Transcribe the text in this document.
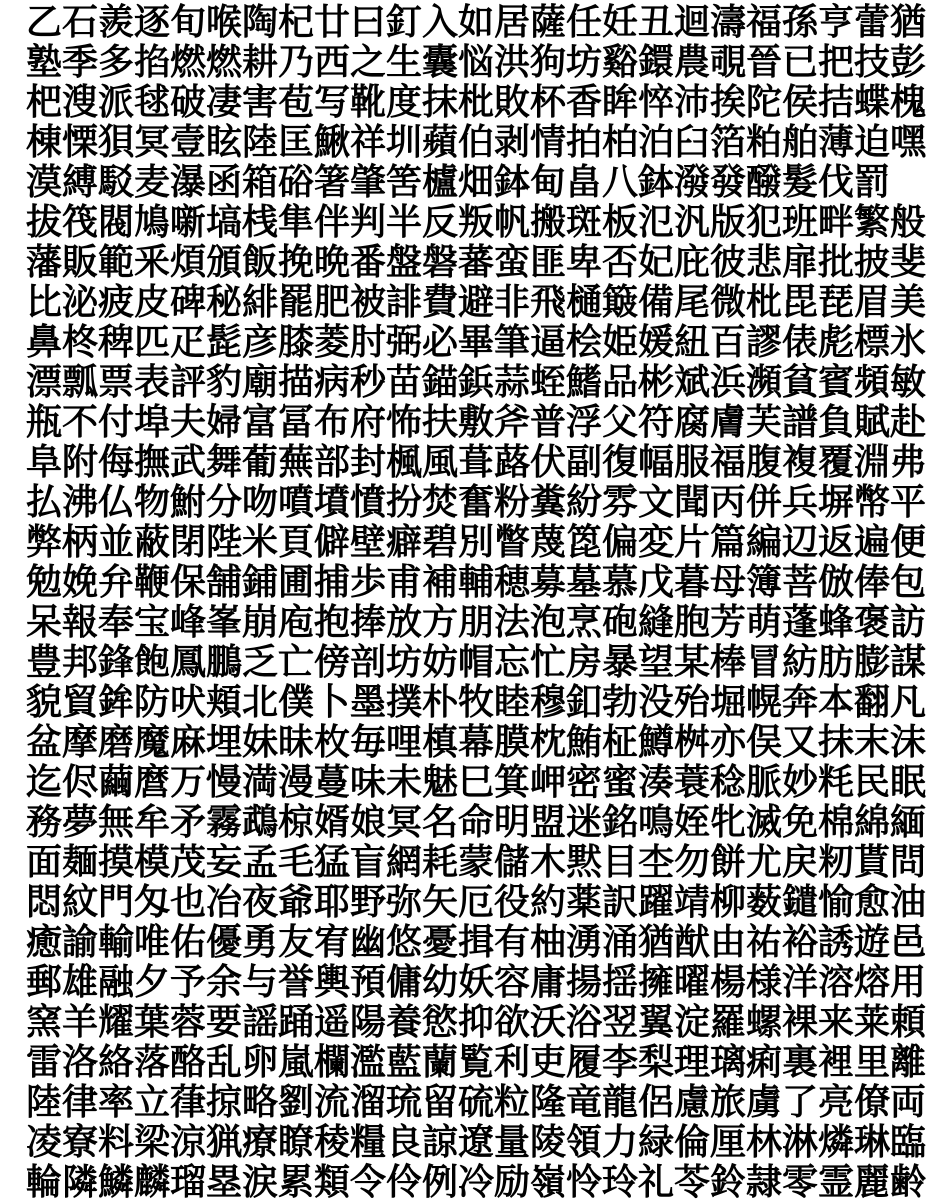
乙 石 羨 逐 旬 喉 陶 杞 廿 曰 釘 入 如 居 薩 任 妊 丑 迴 濤 福 孫 亨 蕾 猶
塾 季 多 掐 燃 燃 耕 乃 西 之 生 囊 悩 洪 狗 坊 谿 鐶 農 覗 晉 已 把 技 彭
杷 溲 派 毬 破 凄 害 苞 写 靴 度 抹 枇 敗 杯 香 眸 悴 沛 挨 陀 侯 拮 蝶 槐
棟 慄 狽 冥 壹 眩 陸 匡 鰍 祥 圳 蘋 伯 剥 情 拍 柏 泊 臼 箔 粕 舶 薄 迫 嘿
漠 縛 駁 麦 瀑 函 箱 硲 箸 肇 筈 櫨 畑 鉢 甸 畠 八 鉢 潑 發 醱 髮 伐 罰
拔 筏 閥 鳩 噺 塙 桟 隼 伴 判 半 反 叛 帆 搬 斑 板 氾 汎 版 犯 班 畔 繁 般
藩 販 範 釆 煩 頒 飯 挽 晩 番 盤 磐 蕃 蛮 匪 卑 否 妃 庇 彼 悲 扉 批 披 斐
比 泌 疲 皮 碑 秘 緋 罷 肥 被 誹 費 避 非 飛 樋 簸 備 尾 微 枇 毘 琵 眉 美
鼻 柊 稗 匹 疋 髭 彦 膝 菱 肘 弼 必 畢 筆 逼 桧 姫 媛 紐 百 謬 俵 彪 標 氷
漂 瓢 票 表 評 豹 廟 描 病 秒 苗 錨 鋲 蒜 蛭 鰭 品 彬 斌 浜 瀕 貧 賓 頻 敏
瓶 不 付 埠 夫 婦 富 冨 布 府 怖 扶 敷 斧 普 浮 父 符 腐 膚 芙 譜 負 賦 赴
阜 附 侮 撫 武 舞 葡 蕪 部 封 楓 風 葺 蕗 伏 副 復 幅 服 福 腹 複 覆 淵 弗
払 沸 仏 物 鮒 分 吻 噴 墳 憤 扮 焚 奮 粉 糞 紛 雰 文 聞 丙 併 兵 塀 幣 平
弊 柄 並 蔽 閉 陛 米 頁 僻 壁 癖 碧 別 瞥 蔑 箆 偏 変 片 篇 編 辺 返 遍 便
勉 娩 弁 鞭 保 舗 鋪 圃 捕 歩 甫 補 輔 穂 募 墓 慕 戊 暮 母 簿 菩 倣 俸 包
呆 報 奉 宝 峰 峯 崩 庖 抱 捧 放 方 朋 法 泡 烹 砲 縫 胞 芳 萌 蓬 蜂 褒 訪
豊 邦 鋒 飽 鳳 鵬 乏 亡 傍 剖 坊 妨 帽 忘 忙 房 暴 望 某 棒 冒 紡 肪 膨 謀
貌 貿 鉾 防 吠 頬 北 僕 卜 墨 撲 朴 牧 睦 穆 釦 勃 没 殆 堀 幌 奔 本 翻 凡
盆 摩 磨 魔 麻 埋 妹 昧 枚 毎 哩 槙 幕 膜 枕 鮪 柾 鱒 桝 亦 俣 又 抹 末 沫
迄 侭 繭 麿 万 慢 満 漫 蔓 味 未 魅 巳 箕 岬 密 蜜 湊 蓑 稔 脈 妙 粍 民 眠
務 夢 無 牟 矛 霧 鵡 椋 婿 娘 冥 名 命 明 盟 迷 銘 鳴 姪 牝 滅 免 棉 綿 緬
面 麺 摸 模 茂 妄 孟 毛 猛 盲 網 耗 蒙 儲 木 黙 目 杢 勿 餅 尤 戻 籾 貰 問
悶 紋 門 匁 也 冶 夜 爺 耶 野 弥 矢 厄 役 約 薬 訳 躍 靖 柳 薮 鑓 愉 愈 油
癒 諭 輸 唯 佑 優 勇 友 宥 幽 悠 憂 揖 有 柚 湧 涌 猶 猷 由 祐 裕 誘 遊 邑
郵 雄 融 夕 予 余 与 誉 輿 預 傭 幼 妖 容 庸 揚 揺 擁 曜 楊 様 洋 溶 熔 用
窯 羊 耀 葉 蓉 要 謡 踊 遥 陽 養 慾 抑 欲 沃 浴 翌 翼 淀 羅 螺 裸 来 莱 頼
雷 洛 絡 落 酪 乱 卵 嵐 欄 濫 藍 蘭 覧 利 吏 履 李 梨 理 璃 痢 裏 裡 里 離
陸 律 率 立 葎 掠 略 劉 流 溜 琉 留 硫 粒 隆 竜 龍 侶 慮 旅 虜 了 亮 僚 両
凌 寮 料 梁 涼 猟 療 瞭 稜 糧 良 諒 遼 量 陵 領 力 緑 倫 厘 林 淋 燐 琳 臨
輪 隣 鱗 麟 瑠 塁 涙 累 類 令 伶 例 冷 励 嶺 怜 玲 礼 苓 鈴 隷 零 霊 麗 齢
